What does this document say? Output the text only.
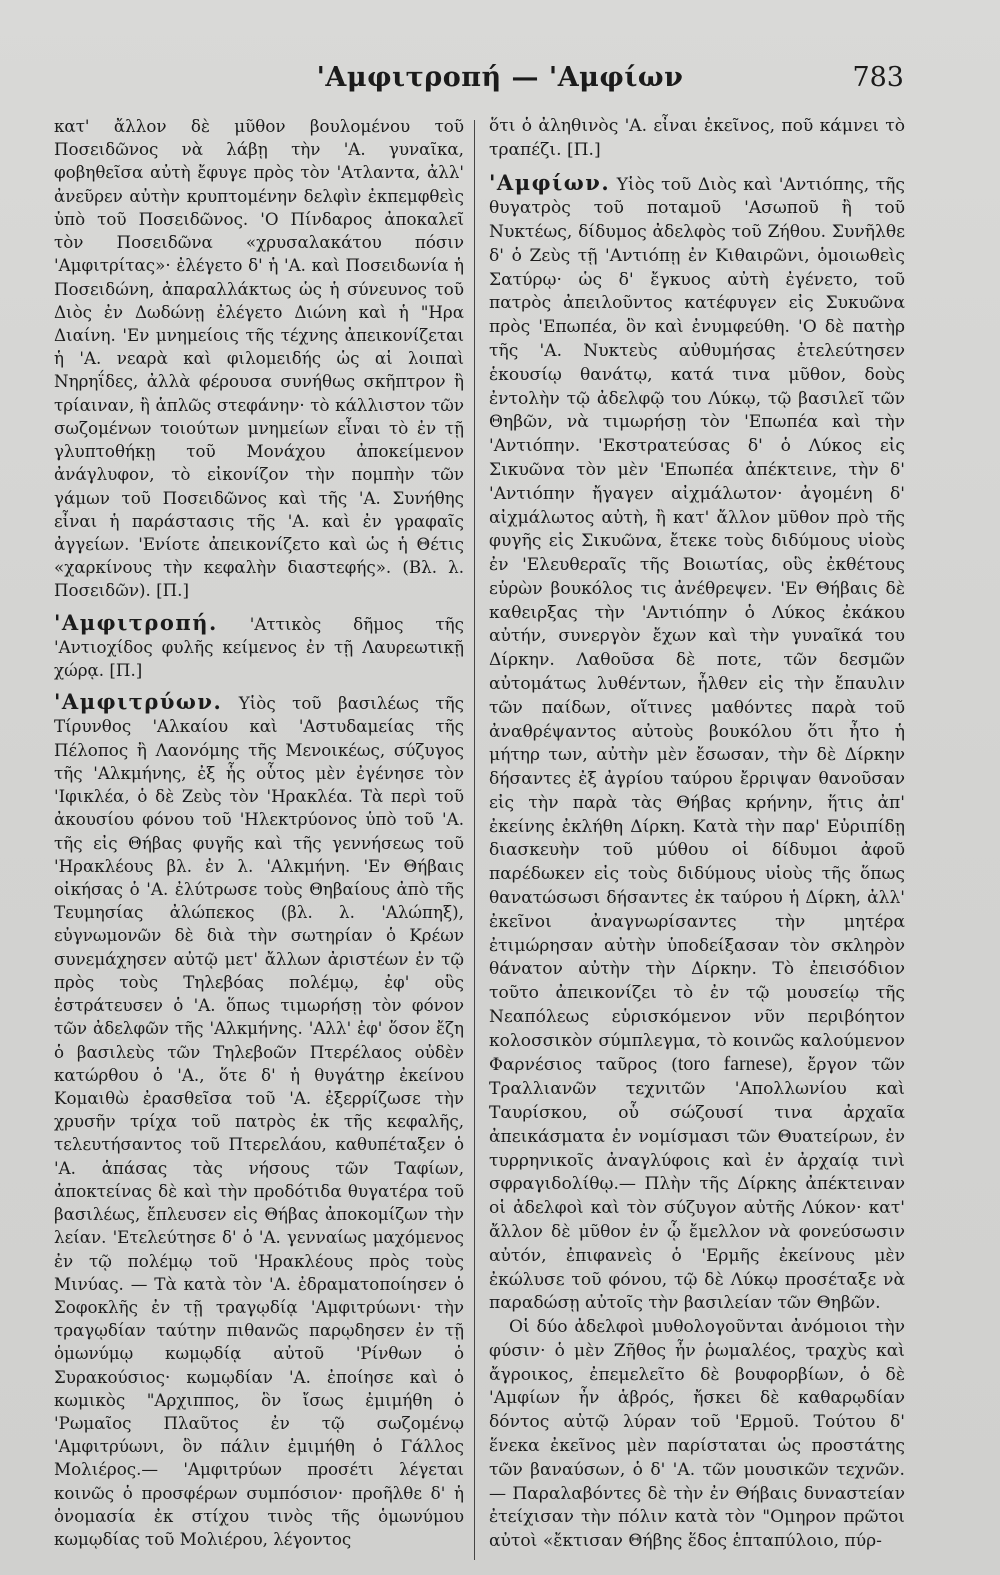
'Αμφιτροπή — 'Αμφίων	783

κατ' ἄλλον δὲ μῦθον βουλομένου τοῦ Ποσειδῶνος νὰ λάβῃ τὴν 'Α. γυναῖκα, φοβηθεῖσα αὐτὴ ἔφυγε πρὸς τὸν 'Ατλαντα, ἀλλ' ἀνεῦρεν αὐτὴν κρυπτομένην δελφὶν ἐκπεμφθεὶς ὑπὸ τοῦ Ποσειδῶνος. 'Ο Πίνδαρος ἀποκαλεῖ τὸν Ποσειδῶνα «χρυσαλακάτου πόσιν 'Αμφιτρίτας»· ἐλέγετο δ' ἡ 'Α. καὶ Ποσειδωνία ἡ Ποσειδώνη, ἀπαραλλάκτως ὡς ἡ σύνευνος τοῦ Διὸς ἐν Δωδώνῃ ἐλέγετο Διώνη καὶ ἡ "Ηρα Διαίνη. 'Εν μνημείοις τῆς τέχνης ἀπεικονίζεται ἡ 'Α. νεαρὰ καὶ φιλομειδής ὡς αἱ λοιπαὶ Νηρηΐδες, ἀλλὰ φέρουσα συνήθως σκῆπτρον ἢ τρίαιναν, ἢ ἁπλῶς στεφάνην· τὸ κάλλιστον τῶν σωζομένων τοιούτων μνημείων εἶναι τὸ ἐν τῇ γλυπτοθήκῃ τοῦ Μονάχου ἀποκείμενον ἀνάγλυφον, τὸ εἰκονίζον τὴν πομπὴν τῶν γάμων τοῦ Ποσειδῶνος καὶ τῆς 'Α. Συνήθης εἶναι ἡ παράστασις τῆς 'Α. καὶ ἐν γραφαῖς ἀγγείων. 'Ενίοτε ἀπεικονίζετο καὶ ὡς ἡ Θέτις «χαρκίνους τὴν κεφαλὴν διαστεφής». (Βλ. λ. Ποσειδῶν). [Π.]

'Αμφιτροπή. 'Αττικὸς δῆμος τῆς 'Αντιοχίδος φυλῆς κείμενος ἐν τῇ Λαυρεωτικῇ χώρᾳ. [Π.]

'Αμφιτρύων. Υἱὸς τοῦ βασιλέως τῆς Τίρυνθος 'Αλκαίου καὶ 'Αστυδαμείας τῆς Πέλοπος ἢ Λαονόμης τῆς Μενοικέως, σύζυγος τῆς 'Αλκμήνης, ἐξ ἧς οὗτος μὲν ἐγένησε τὸν 'Ιφικλέα, ὁ δὲ Ζεὺς τὸν 'Ηρακλέα. Τὰ περὶ τοῦ ἀκουσίου φόνου τοῦ 'Ηλεκτρύονος ὑπὸ τοῦ 'Α. τῆς εἰς Θήβας φυγῆς καὶ τῆς γεννήσεως τοῦ 'Ηρακλέους βλ. ἐν λ. 'Αλκμήνη. 'Εν Θήβαις οἰκήσας ὁ 'Α. ἐλύτρωσε τοὺς Θηβαίους ἀπὸ τῆς Τευμησίας ἀλώπεκος (βλ. λ. 'Αλώπηξ), εὐγνωμονῶν δὲ διὰ τὴν σωτηρίαν ὁ Κρέων συνεμάχησεν αὐτῷ μετ' ἄλλων ἀριστέων ἐν τῷ πρὸς τοὺς Τηλεβόας πολέμῳ, ἐφ' οὓς ἐστράτευσεν ὁ 'Α. ὅπως τιμωρήσῃ τὸν φόνον τῶν ἀδελφῶν τῆς 'Αλκμήνης. 'Αλλ' ἐφ' ὅσον ἔζη ὁ βασιλεὺς τῶν Τηλεβοῶν Πτερέλαος οὐδὲν κατώρθου ὁ 'Α., ὅτε δ' ἡ θυγάτηρ ἐκείνου Κομαιθὼ ἐρασθεῖσα τοῦ 'Α. ἐξερρίζωσε τὴν χρυσῆν τρίχα τοῦ πατρὸς ἐκ τῆς κεφαλῆς, τελευτήσαντος τοῦ Πτερελάου, καθυπέταξεν ὁ 'Α. ἁπάσας τὰς νήσους τῶν Ταφίων, ἀποκτείνας δὲ καὶ τὴν προδότιδα θυγατέρα τοῦ βασιλέως, ἔπλευσεν εἰς Θήβας ἀποκομίζων τὴν λείαν. 'Ετελεύτησε δ' ὁ 'Α. γενναίως μαχόμενος ἐν τῷ πολέμῳ τοῦ 'Ηρακλέους πρὸς τοὺς Μινύας. — Τὰ κατὰ τὸν 'Α. ἐδραματοποίησεν ὁ Σοφοκλῆς ἐν τῇ τραγῳδίᾳ 'Αμφιτρύωνι· τὴν τραγῳδίαν ταύτην πιθανῶς παρῳδησεν ἐν τῇ ὁμωνύμῳ κωμῳδίᾳ αὐτοῦ 'Ρίνθων ὁ Συρακούσιος· κωμῳδίαν 'Α. ἐποίησε καὶ ὁ κωμικὸς "Αρχιππος, ὃν ἴσως ἐμιμήθη ὁ 'Ρωμαῖος Πλαῦτος ἐν τῷ σωζομένῳ 'Αμφιτρύωνι, ὃν πάλιν ἐμιμήθη ὁ Γάλλος Μολιέρος.— 'Αμφιτρύων προσέτι λέγεται κοινῶς ὁ προσφέρων συμπόσιον· προῆλθε δ' ἡ ὀνομασία ἐκ στίχου τινὸς τῆς ὁμωνύμου κωμῳδίας τοῦ Μολιέρου, λέγοντος

ὅτι ὁ ἀληθινὸς 'Α. εἶναι ἐκεῖνος, ποῦ κάμνει τὸ τραπέζι. [Π.]

'Αμφίων. Υἱὸς τοῦ Διὸς καὶ 'Αντιόπης, τῆς θυγατρὸς τοῦ ποταμοῦ 'Ασωποῦ ἢ τοῦ Νυκτέως, δίδυμος ἀδελφὸς τοῦ Ζήθου. Συνῆλθε δ' ὁ Ζεὺς τῇ 'Αντιόπῃ ἐν Κιθαιρῶνι, ὁμοιωθεὶς Σατύρῳ· ὡς δ' ἔγκυος αὐτὴ ἐγένετο, τοῦ πατρὸς ἀπειλοῦντος κατέφυγεν εἰς Συκυῶνα πρὸς 'Επωπέα, ὃν καὶ ἐνυμφεύθη. 'Ο δὲ πατὴρ τῆς 'Α. Νυκτεὺς αὐθυμήσας ἐτελεύτησεν ἑκουσίῳ θανάτῳ, κατά τινα μῦθον, δοὺς ἐντολὴν τῷ ἀδελφῷ του Λύκῳ, τῷ βασιλεῖ τῶν Θηβῶν, νὰ τιμωρήσῃ τὸν 'Επωπέα καὶ τὴν 'Αντιόπην. 'Εκστρατεύσας δ' ὁ Λύκος εἰς Σικυῶνα τὸν μὲν 'Επωπέα ἀπέκτεινε, τὴν δ' 'Αντιόπην ἤγαγεν αἰχμάλωτον· ἀγομένη δ' αἰχμάλωτος αὐτὴ, ἢ κατ' ἄλλον μῦθον πρὸ τῆς φυγῆς εἰς Σικυῶνα, ἔτεκε τοὺς διδύμους υἱοὺς ἐν 'Ελευθεραῖς τῆς Βοιωτίας, οὓς ἐκθέτους εὑρὼν βουκόλος τις ἀνέθρεψεν. 'Εν Θήβαις δὲ καθειρξας τὴν 'Αντιόπην ὁ Λύκος ἐκάκου αὐτήν, συνεργὸν ἔχων καὶ τὴν γυναῖκά του Δίρκην. Λαθοῦσα δὲ ποτε, τῶν δεσμῶν αὐτομάτως λυθέντων, ἦλθεν εἰς τὴν ἔπαυλιν τῶν παίδων, οἵτινες μαθόντες παρὰ τοῦ ἀναθρέψαντος αὐτοὺς βουκόλου ὅτι ἦτο ἡ μήτηρ των, αὐτὴν μὲν ἔσωσαν, τὴν δὲ Δίρκην δήσαντες ἐξ ἀγρίου ταύρου ἔρριψαν θανοῦσαν εἰς τὴν παρὰ τὰς Θήβας κρήνην, ἥτις ἀπ' ἐκείνης ἐκλήθη Δίρκη. Κατὰ τὴν παρ' Εὐριπίδῃ διασκευὴν τοῦ μύθου οἱ δίδυμοι ἀφοῦ παρέδωκεν εἰς τοὺς διδύμους υἱοὺς τῆς ὅπως θανατώσωσι δήσαντες ἐκ ταύρου ἡ Δίρκη, ἀλλ' ἐκεῖνοι ἀναγνωρίσαντες τὴν μητέρα ἐτιμώρησαν αὐτὴν ὑποδείξασαν τὸν σκληρὸν θάνατον αὐτὴν τὴν Δίρκην. Τὸ ἐπεισόδιον τοῦτο ἀπεικονίζει τὸ ἐν τῷ μουσείῳ τῆς Νεαπόλεως εὑρισκόμενον νῦν περιβόητον κολοσσικὸν σύμπλεγμα, τὸ κοινῶς καλούμενον Φαρνέσιος ταῦρος (toro farnese), ἔργον τῶν Τραλλιανῶν τεχνιτῶν 'Απολλωνίου καὶ Ταυρίσκου, οὗ σώζουσί τινα ἀρχαῖα ἀπεικάσματα ἐν νομίσμασι τῶν Θυατείρων, ἐν τυρρηνικοῖς ἀναγλύφοις καὶ ἐν ἀρχαίᾳ τινὶ σφραγιδολίθῳ.— Πλὴν τῆς Δίρκης ἀπέκτειναν οἱ ἀδελφοὶ καὶ τὸν σύζυγον αὐτῆς Λύκον· κατ' ἄλλον δὲ μῦθον ἐν ᾧ ἔμελλον νὰ φονεύσωσιν αὐτόν, ἐπιφανεὶς ὁ 'Ερμῆς ἐκείνους μὲν ἐκώλυσε τοῦ φόνου, τῷ δὲ Λύκῳ προσέταξε νὰ παραδώσῃ αὐτοῖς τὴν βασιλείαν τῶν Θηβῶν.

Οἱ δύο ἀδελφοὶ μυθολογοῦνται ἀνόμοιοι τὴν φύσιν· ὁ μὲν Ζῆθος ἦν ῥωμαλέος, τραχὺς καὶ ἄγροικος, ἐπεμελεῖτο δὲ βουφορβίων, ὁ δὲ 'Αμφίων ἦν ἁβρός, ἤσκει δὲ καθαρῳδίαν δόντος αὐτῷ λύραν τοῦ 'Ερμοῦ. Τούτου δ' ἕνεκα ἐκεῖνος μὲν παρίσταται ὡς προστάτης τῶν βαναύσων, ὁ δ' 'Α. τῶν μουσικῶν τεχνῶν. — Παραλαβόντες δὲ τὴν ἐν Θήβαις δυναστείαν ἐτείχισαν τὴν πόλιν κατὰ τὸν "Ομηρον πρῶτοι αὐτοὶ «ἔκτισαν Θήβης ἕδος ἑπταπύλοιο, πύρ-
